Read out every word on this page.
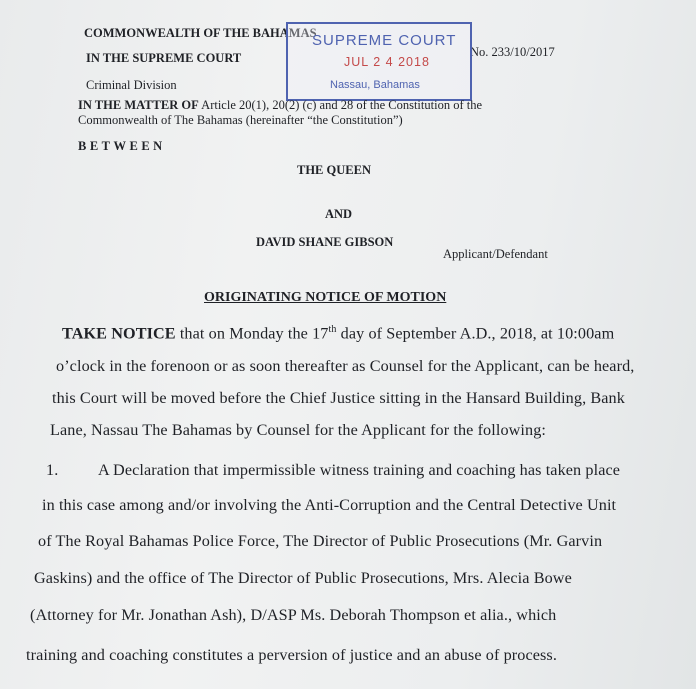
COMMONWEALTH OF THE BAHAMAS
IN THE SUPREME COURT
Criminal Division
No. 233/10/2017
SUPREME COURT
JUL 2 4 2018
Nassau, Bahamas
IN THE MATTER OF Article 20(1), 20(2) (c) and 28 of the Constitution of the
Commonwealth of The Bahamas (hereinafter “the Constitution”)
BETWEEN
THE QUEEN
AND
DAVID SHANE GIBSON
Applicant/Defendant
ORIGINATING NOTICE OF MOTION
TAKE NOTICE that on Monday the 17th day of September A.D., 2018, at 10:00am
o’clock in the forenoon or as soon thereafter as Counsel for the Applicant, can be heard,
this Court will be moved before the Chief Justice sitting in the Hansard Building, Bank
Lane, Nassau The Bahamas by Counsel for the Applicant for the following:
1. A Declaration that impermissible witness training and coaching has taken place
in this case among and/or involving the Anti-Corruption and the Central Detective Unit
of The Royal Bahamas Police Force, The Director of Public Prosecutions (Mr. Garvin
Gaskins) and the office of The Director of Public Prosecutions, Mrs. Alecia Bowe
(Attorney for Mr. Jonathan Ash), D/ASP Ms. Deborah Thompson et alia., which
training and coaching constitutes a perversion of justice and an abuse of process.
